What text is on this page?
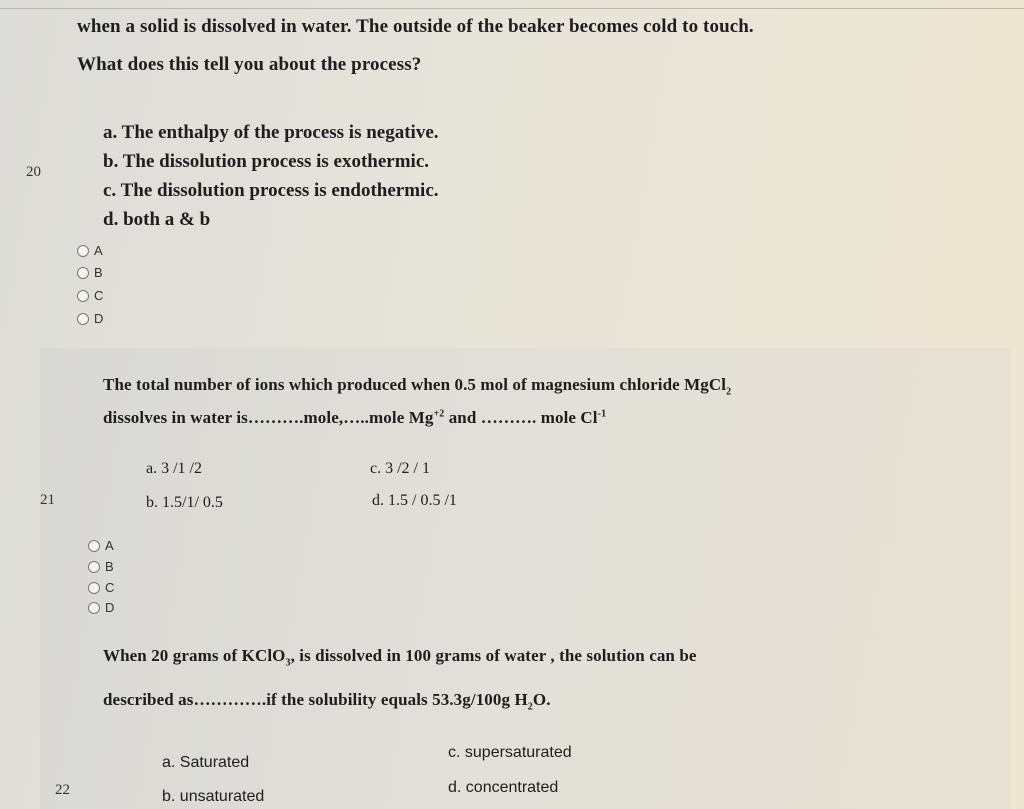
20
when a solid is dissolved in water. The outside of the beaker becomes cold to touch.
What does this tell you about the process?
a. The enthalpy of the process is negative.
b. The dissolution process is exothermic.
c. The dissolution process is endothermic.
d. both a & b
A
B
C
D
21
The total number of ions which produced when 0.5 mol of magnesium chloride MgCl$_2$
dissolves in water is……….mole,…..mole $Mg^{+2}$ and ………. mole $Cl^{-1}$
a. 3 /1 /2
b. 1.5/1/ 0.5
c. 3 /2 / 1
d. 1.5 / 0.5 /1
A
B
C
D
22
When 20 grams of KClO$_3$, is dissolved in 100 grams of water , the solution can be
described as………….if the solubility equals 53.3g/100g $H_2O$.
a. Saturated
b. unsaturated
c. supersaturated
d. concentrated
